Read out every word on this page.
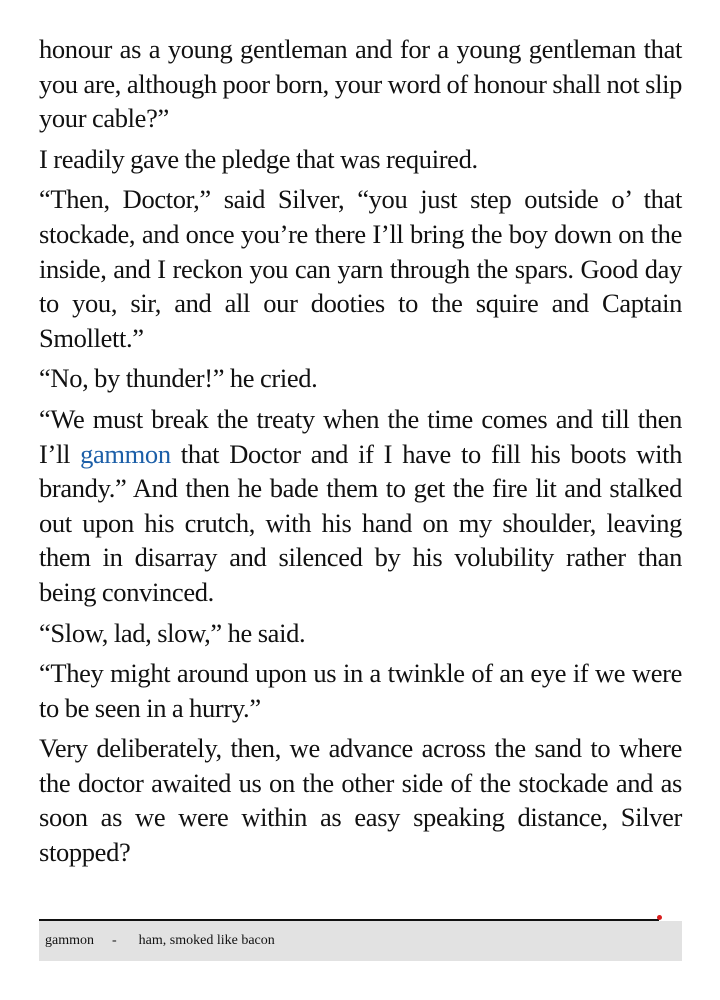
honour as a young gentleman and for a young gentleman that you are, although poor born, your word of honour shall not slip your cable?”

I readily gave the pledge that was required.

“Then, Doctor,” said Silver, “you just step outside o’ that stockade, and once you’re there I’ll bring the boy down on the inside, and I reckon you can yarn through the spars. Good day to you, sir, and all our dooties to the squire and Captain Smollett.”

“No, by thunder!” he cried.

“We must break the treaty when the time comes and till then I’ll gammon that Doctor and if I have to fill his boots with brandy.” And then he bade them to get the fire lit and stalked out upon his crutch, with his hand on my shoulder, leaving them in disarray and silenced by his volubility rather than being convinced.

“Slow, lad, slow,” he said.

“They might around upon us in a twinkle of an eye if we were to be seen in a hurry.”

Very deliberately, then, we advance across the sand to where the doctor awaited us on the other side of the stockade and as soon as we were within as easy speaking distance, Silver stopped?

gammon - ham, smoked like bacon
